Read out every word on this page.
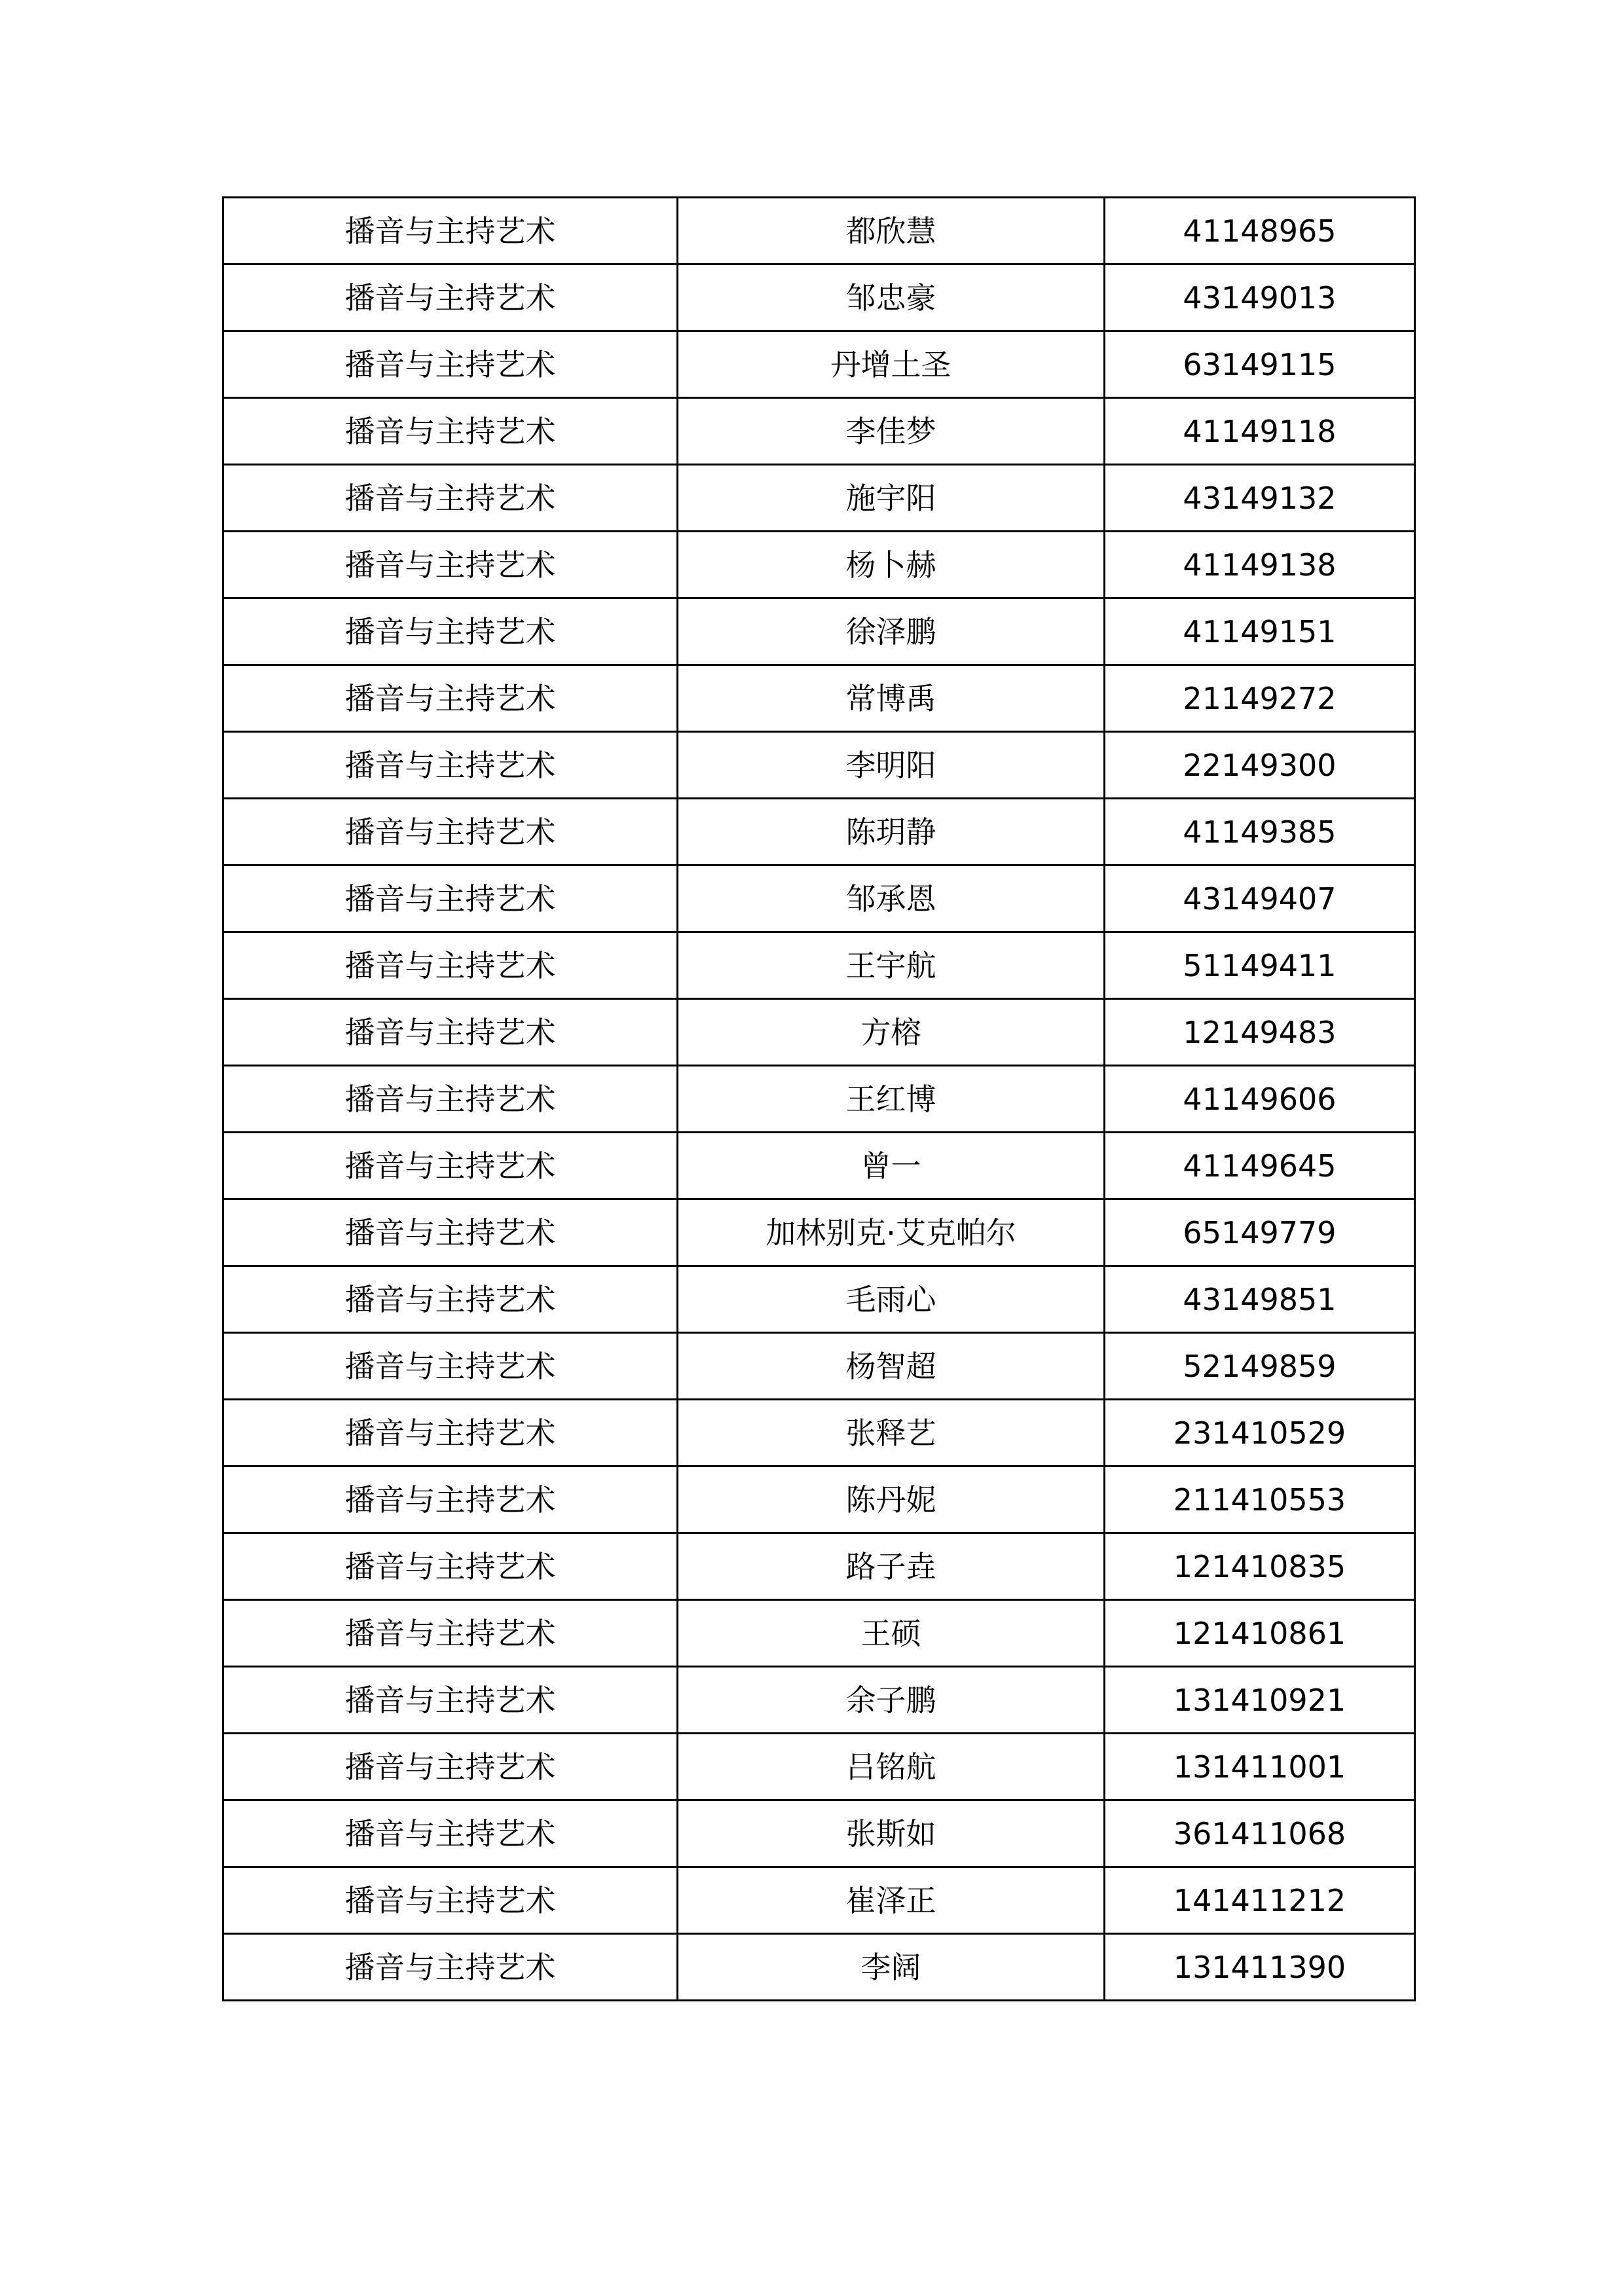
播音与主持艺术	都欣慧	41148965
播音与主持艺术	邹忠豪	43149013
播音与主持艺术	丹增土圣	63149115
播音与主持艺术	李佳梦	41149118
播音与主持艺术	施宇阳	43149132
播音与主持艺术	杨卜赫	41149138
播音与主持艺术	徐泽鹏	41149151
播音与主持艺术	常博禹	21149272
播音与主持艺术	李明阳	22149300
播音与主持艺术	陈玥静	41149385
播音与主持艺术	邹承恩	43149407
播音与主持艺术	王宇航	51149411
播音与主持艺术	方榕	12149483
播音与主持艺术	王红博	41149606
播音与主持艺术	曾一	41149645
播音与主持艺术	加林别克·艾克帕尔	65149779
播音与主持艺术	毛雨心	43149851
播音与主持艺术	杨智超	52149859
播音与主持艺术	张释艺	231410529
播音与主持艺术	陈丹妮	211410553
播音与主持艺术	路子垚	121410835
播音与主持艺术	王硕	121410861
播音与主持艺术	余子鹏	131410921
播音与主持艺术	吕铭航	131411001
播音与主持艺术	张斯如	361411068
播音与主持艺术	崔泽正	141411212
播音与主持艺术	李阔	131411390
